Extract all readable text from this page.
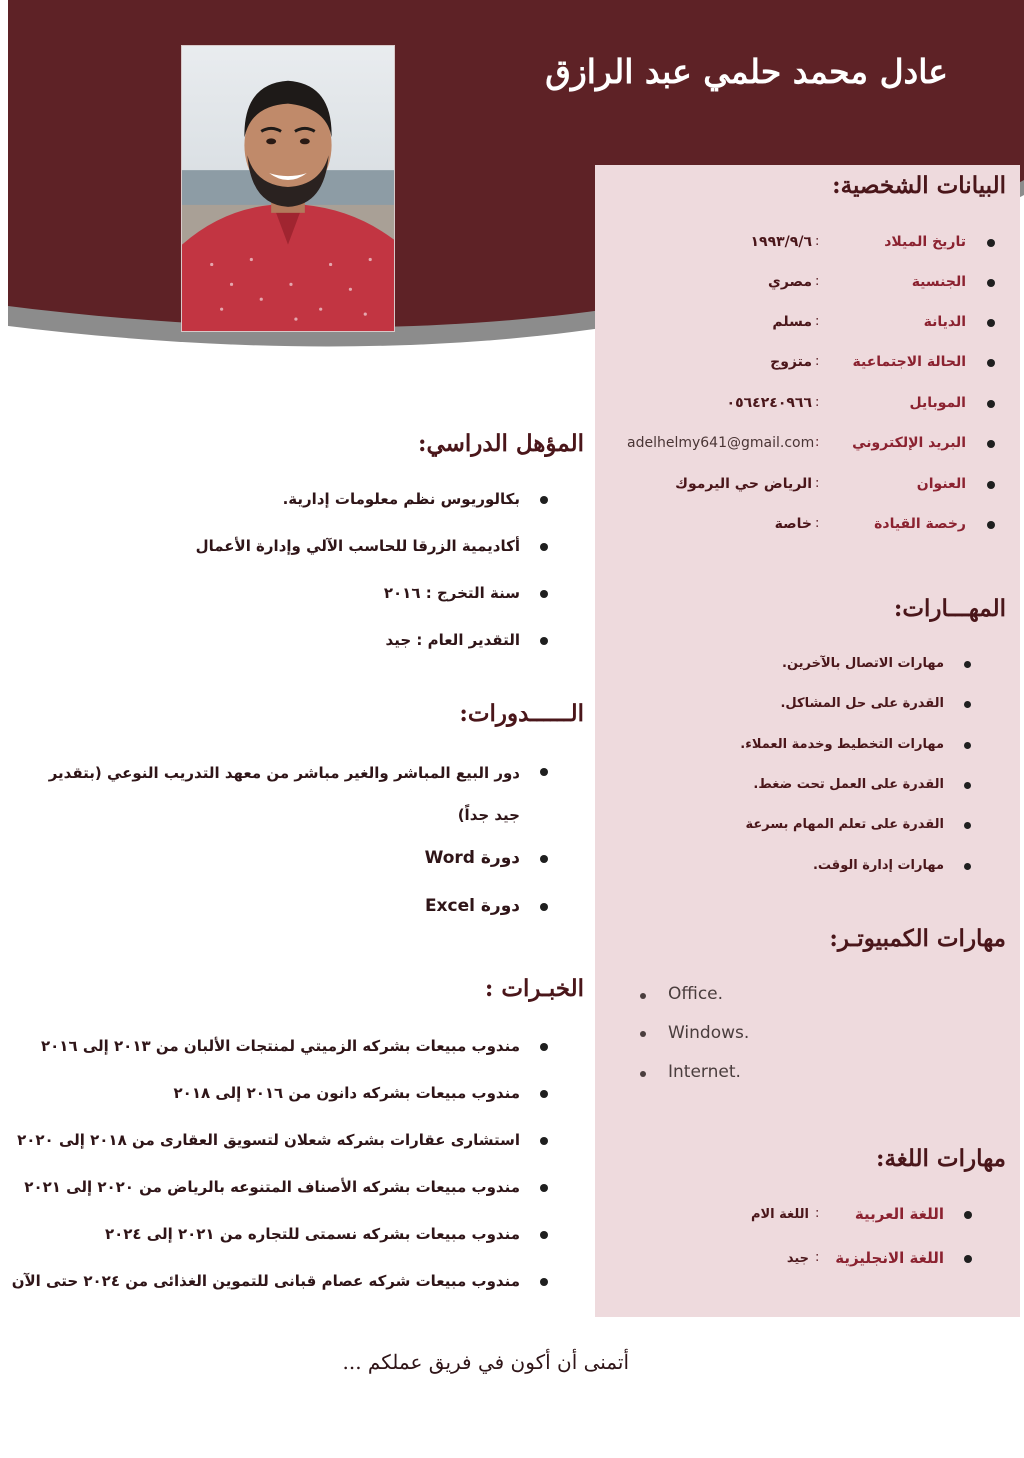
عادل محمد حلمي عبد الرازق
البيانات الشخصية:
تاريخ الميلاد
:
١٩٩٣/٩/٦
الجنسية
:
مصري
الديانة
:
مسلم
الحالة الاجتماعية
:
متزوج
الموبايل
:
٠٥٦٤٢٤٠٩٦٦
البريد الإلكتروني
:
adelhelmy641@gmail.com
العنوان
:
الرياض حي اليرموك
رخصة القيادة
:
خاصة
المهـــارات:
مهارات الاتصال بالآخرين.
القدرة على حل المشاكل.
مهارات التخطيط وخدمة العملاء.
القدرة على العمل تحت ضغط.
القدرة على تعلم المهام بسرعة
مهارات إدارة الوقت.
مهارات الكمبيوتـر:
Office.
Windows.
Internet.
مهارات اللغة:
اللغة العربية
:
اللغة الام
اللغة الانجليزية
:
جيد
المؤهل الدراسي:
بكالوريوس نظم معلومات إدارية.
أكاديمية الزرقا للحاسب الآلي وإدارة الأعمال
سنة التخرج : ٢٠١٦
التقدير العام : جيد
الــــــدورات:
دور البيع المباشر والغير مباشر من معهد التدريب النوعي (بتقدير جيد جداً)
دورة Word
دورة Excel
الخبـرات :
مندوب مبيعات بشركه الزميتي لمنتجات الألبان من ٢٠١٣ إلى ٢٠١٦
مندوب مبيعات بشركه دانون من ٢٠١٦ إلى ٢٠١٨
استشارى عقارات بشركه شعلان لتسويق العقارى من ٢٠١٨ إلى ٢٠٢٠
مندوب مبيعات بشركه الأصناف المتنوعه بالرياض من ٢٠٢٠ إلى ٢٠٢١
مندوب مبيعات بشركه نسمتى للتجاره من ٢٠٢١ إلى ٢٠٢٤
مندوب مبيعات شركه عصام قبانى للتموين الغذائى من ٢٠٢٤ حتى الآن
أتمنى أن أكون في فريق عملكم ...
